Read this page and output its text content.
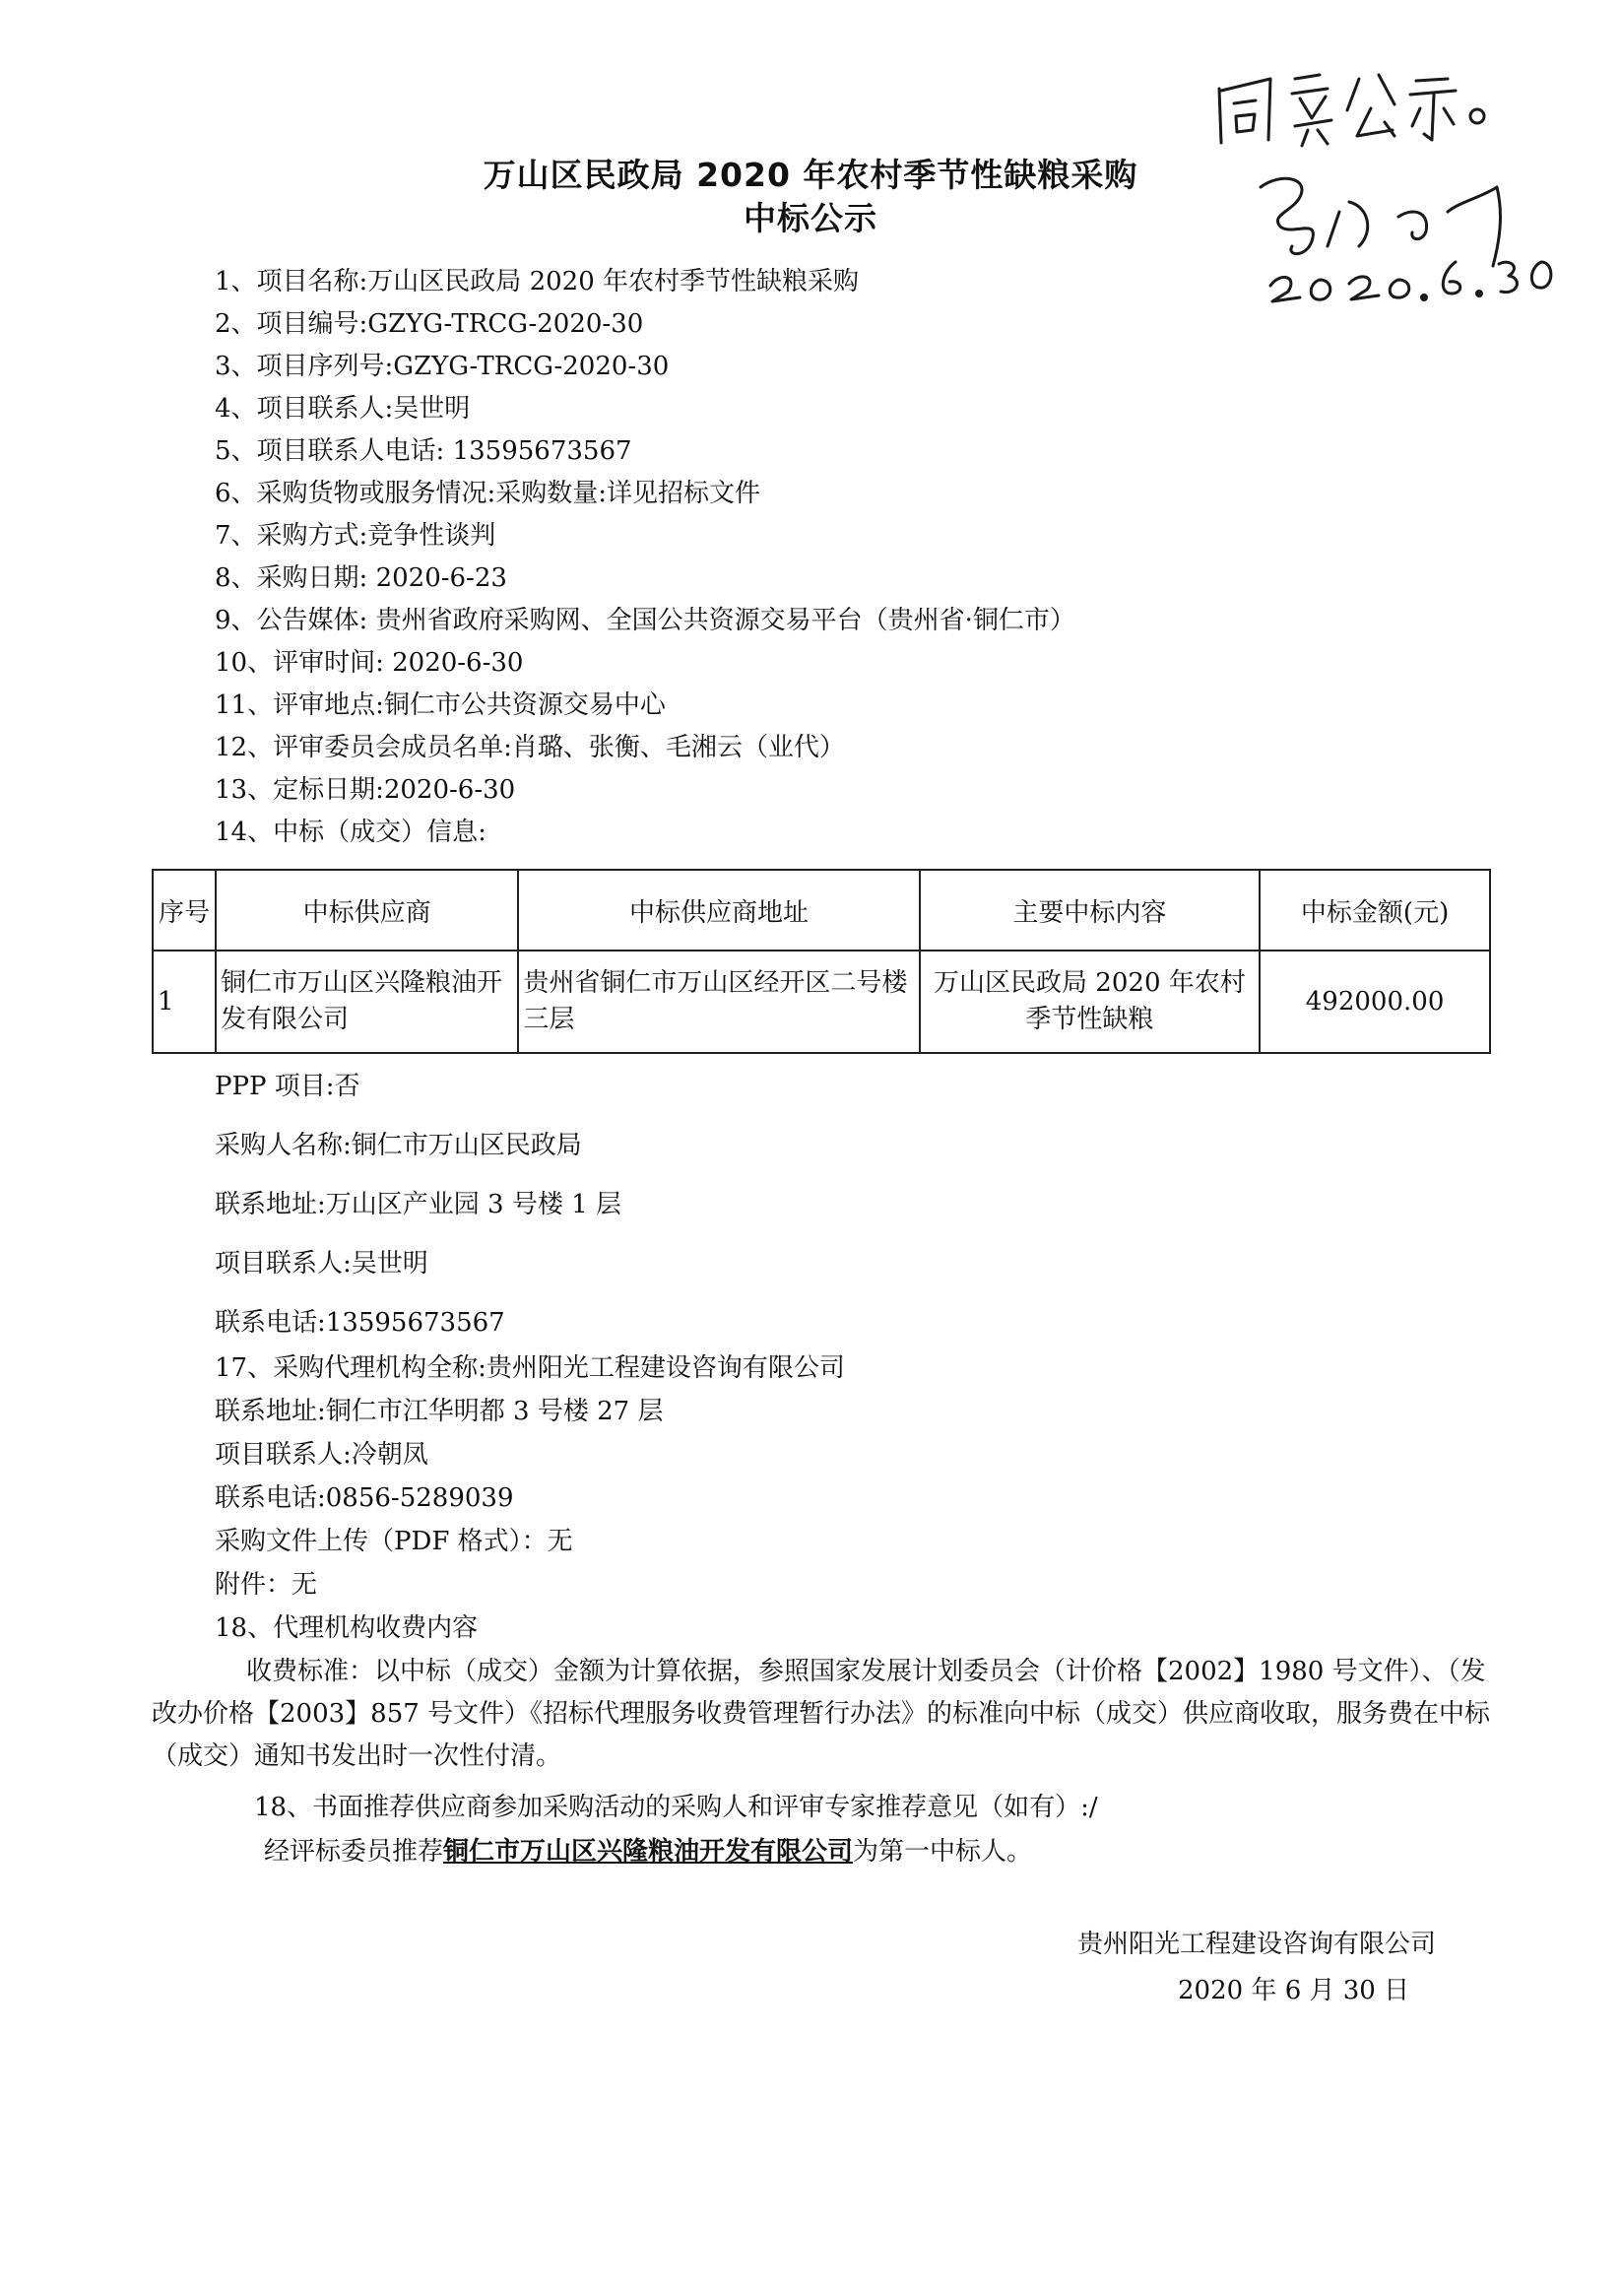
万山区民政局 2020 年农村季节性缺粮采购
中标公示
1、项目名称:万山区民政局 2020 年农村季节性缺粮采购
2、项目编号:GZYG-TRCG-2020-30
3、项目序列号:GZYG-TRCG-2020-30
4、项目联系人:吴世明
5、项目联系人电话: 13595673567
6、采购货物或服务情况:采购数量:详见招标文件
7、采购方式:竞争性谈判
8、采购日期: 2020-6-23
9、公告媒体: 贵州省政府采购网、全国公共资源交易平台（贵州省·铜仁市）
10、评审时间: 2020-6-30
11、评审地点:铜仁市公共资源交易中心
12、评审委员会成员名单:肖璐、张衡、毛湘云（业代）
13、定标日期:2020-6-30
14、中标（成交）信息:
序号	中标供应商	中标供应商地址	主要中标内容	中标金额(元)
1	铜仁市万山区兴隆粮油开发有限公司	贵州省铜仁市万山区经开区二号楼三层	万山区民政局 2020 年农村季节性缺粮	492000.00
PPP 项目:否
采购人名称:铜仁市万山区民政局
联系地址:万山区产业园 3 号楼 1 层
项目联系人:吴世明
联系电话:13595673567
17、采购代理机构全称:贵州阳光工程建设咨询有限公司
联系地址:铜仁市江华明都 3 号楼 27 层
项目联系人:冷朝凤
联系电话:0856-5289039
采购文件上传（PDF 格式）：无
附件：无
18、代理机构收费内容
收费标准：以中标（成交）金额为计算依据，参照国家发展计划委员会（计价格【2002】1980 号文件）、（发改办价格【2003】857 号文件）《招标代理服务收费管理暂行办法》的标准向中标（成交）供应商收取，服务费在中标（成交）通知书发出时一次性付清。
18、书面推荐供应商参加采购活动的采购人和评审专家推荐意见（如有）:/
经评标委员推荐铜仁市万山区兴隆粮油开发有限公司为第一中标人。
贵州阳光工程建设咨询有限公司
2020 年 6 月 30 日
